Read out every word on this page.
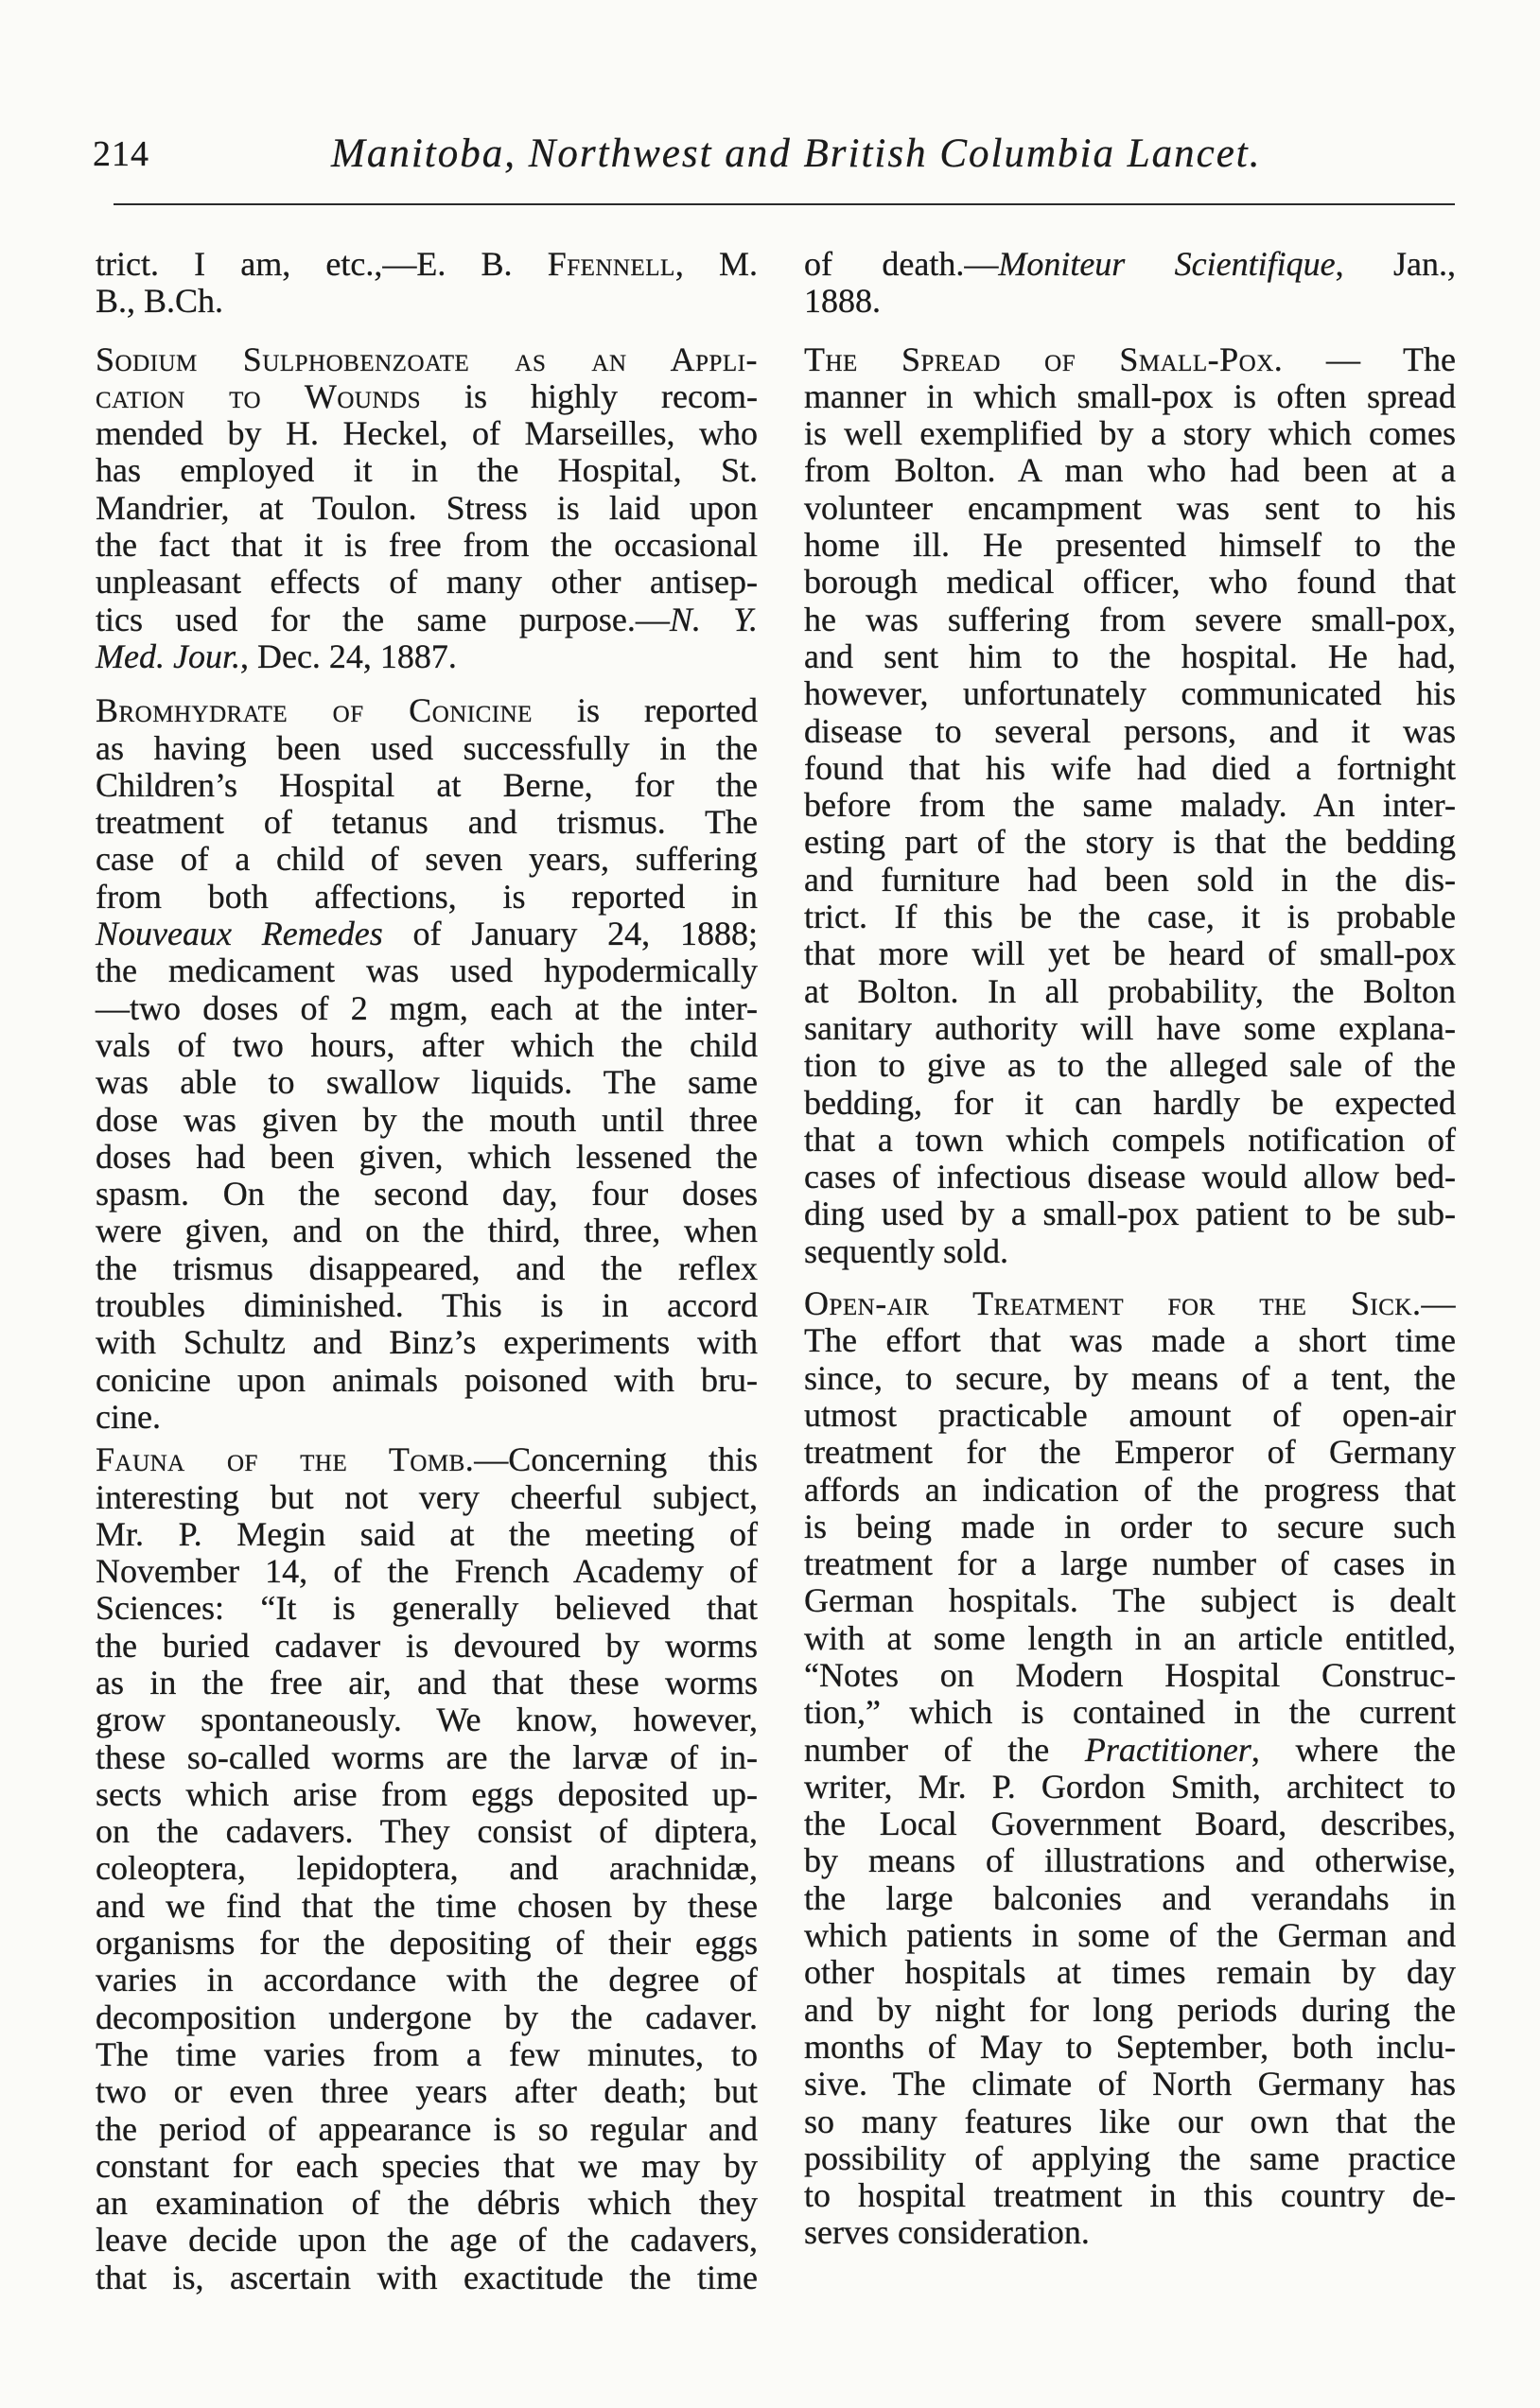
214	Manitoba, Northwest and British Columbia Lancet.
trict. I am, etc.,—E. B. Ffennell, M.
B., B.Ch.
Sodium Sulphobenzoate as an Appli-
cation to Wounds is highly recom-
mended by H. Heckel, of Marseilles, who
has employed it in the Hospital, St.
Mandrier, at Toulon. Stress is laid upon
the fact that it is free from the occasional
unpleasant effects of many other antisep-
tics used for the same purpose.—N. Y.
Med. Jour., Dec. 24, 1887.
Bromhydrate of Conicine is reported
as having been used successfully in the
Children’s Hospital at Berne, for the
treatment of tetanus and trismus. The
case of a child of seven years, suffering
from both affections, is reported in
Nouveaux Remedes of January 24, 1888;
the medicament was used hypodermically
—two doses of 2 mgm, each at the inter-
vals of two hours, after which the child
was able to swallow liquids. The same
dose was given by the mouth until three
doses had been given, which lessened the
spasm. On the second day, four doses
were given, and on the third, three, when
the trismus disappeared, and the reflex
troubles diminished. This is in accord
with Schultz and Binz’s experiments with
conicine upon animals poisoned with bru-
cine.
Fauna of the Tomb.—Concerning this
interesting but not very cheerful subject,
Mr. P. Megin said at the meeting of
November 14, of the French Academy of
Sciences: “It is generally believed that
the buried cadaver is devoured by worms
as in the free air, and that these worms
grow spontaneously. We know, however,
these so-called worms are the larvæ of in-
sects which arise from eggs deposited up-
on the cadavers. They consist of diptera,
coleoptera, lepidoptera, and arachnidæ,
and we find that the time chosen by these
organisms for the depositing of their eggs
varies in accordance with the degree of
decomposition undergone by the cadaver.
The time varies from a few minutes, to
two or even three years after death; but
the period of appearance is so regular and
constant for each species that we may by
an examination of the débris which they
leave decide upon the age of the cadavers,
that is, ascertain with exactitude the time
of death.—Moniteur Scientifique, Jan.,
1888.
The Spread of Small-Pox. — The
manner in which small-pox is often spread
is well exemplified by a story which comes
from Bolton. A man who had been at a
volunteer encampment was sent to his
home ill. He presented himself to the
borough medical officer, who found that
he was suffering from severe small-pox,
and sent him to the hospital. He had,
however, unfortunately communicated his
disease to several persons, and it was
found that his wife had died a fortnight
before from the same malady. An inter-
esting part of the story is that the bedding
and furniture had been sold in the dis-
trict. If this be the case, it is probable
that more will yet be heard of small-pox
at Bolton. In all probability, the Bolton
sanitary authority will have some explana-
tion to give as to the alleged sale of the
bedding, for it can hardly be expected
that a town which compels notification of
cases of infectious disease would allow bed-
ding used by a small-pox patient to be sub-
sequently sold.
Open-air Treatment for the Sick.—
The effort that was made a short time
since, to secure, by means of a tent, the
utmost practicable amount of open-air
treatment for the Emperor of Germany
affords an indication of the progress that
is being made in order to secure such
treatment for a large number of cases in
German hospitals. The subject is dealt
with at some length in an article entitled,
“Notes on Modern Hospital Construc-
tion,” which is contained in the current
number of the Practitioner, where the
writer, Mr. P. Gordon Smith, architect to
the Local Government Board, describes,
by means of illustrations and otherwise,
the large balconies and verandahs in
which patients in some of the German and
other hospitals at times remain by day
and by night for long periods during the
months of May to September, both inclu-
sive. The climate of North Germany has
so many features like our own that the
possibility of applying the same practice
to hospital treatment in this country de-
serves consideration.
